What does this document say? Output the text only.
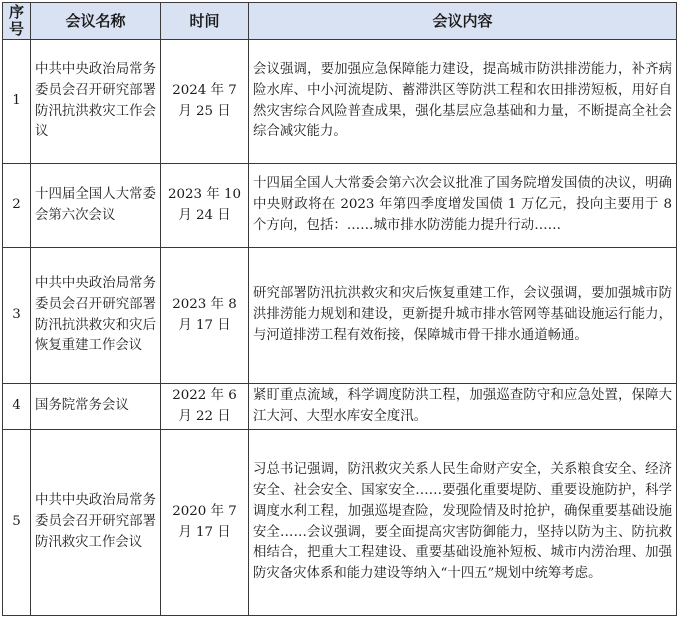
序号	会议名称	时间	会议内容
1	中共中央政治局常务委员会召开研究部署防汛抗洪救灾工作会议	2024 年 7 月 25 日	会议强调，要加强应急保障能力建设，提高城市防洪排涝能力，补齐病险水库、中小河流堤防、蓄滞洪区等防洪工程和农田排涝短板，用好自然灾害综合风险普查成果，强化基层应急基础和力量，不断提高全社会综合减灾能力。
2	十四届全国人大常委会第六次会议	2023 年 10 月 24 日	十四届全国人大常委会第六次会议批准了国务院增发国债的决议，明确中央财政将在 2023 年第四季度增发国债 1 万亿元，投向主要用于 8 个方向，包括：……城市排水防涝能力提升行动……
3	中共中央政治局常务委员会召开研究部署防汛抗洪救灾和灾后恢复重建工作会议	2023 年 8 月 17 日	研究部署防汛抗洪救灾和灾后恢复重建工作，会议强调，要加强城市防洪排涝能力规划和建设，更新提升城市排水管网等基础设施运行能力，与河道排涝工程有效衔接，保障城市骨干排水通道畅通。
4	国务院常务会议	2022 年 6 月 22 日	紧盯重点流域，科学调度防洪工程，加强巡查防守和应急处置，保障大江大河、大型水库安全度汛。
5	中共中央政治局常务委员会召开研究部署防汛救灾工作会议	2020 年 7 月 17 日	习总书记强调，防汛救灾关系人民生命财产安全，关系粮食安全、经济安全、社会安全、国家安全……要强化重要堤防、重要设施防护，科学调度水利工程，加强巡堤查险，发现险情及时抢护，确保重要基础设施安全……会议强调，要全面提高灾害防御能力，坚持以防为主、防抗救相结合，把重大工程建设、重要基础设施补短板、城市内涝治理、加强防灾备灾体系和能力建设等纳入“十四五”规划中统筹考虑。
